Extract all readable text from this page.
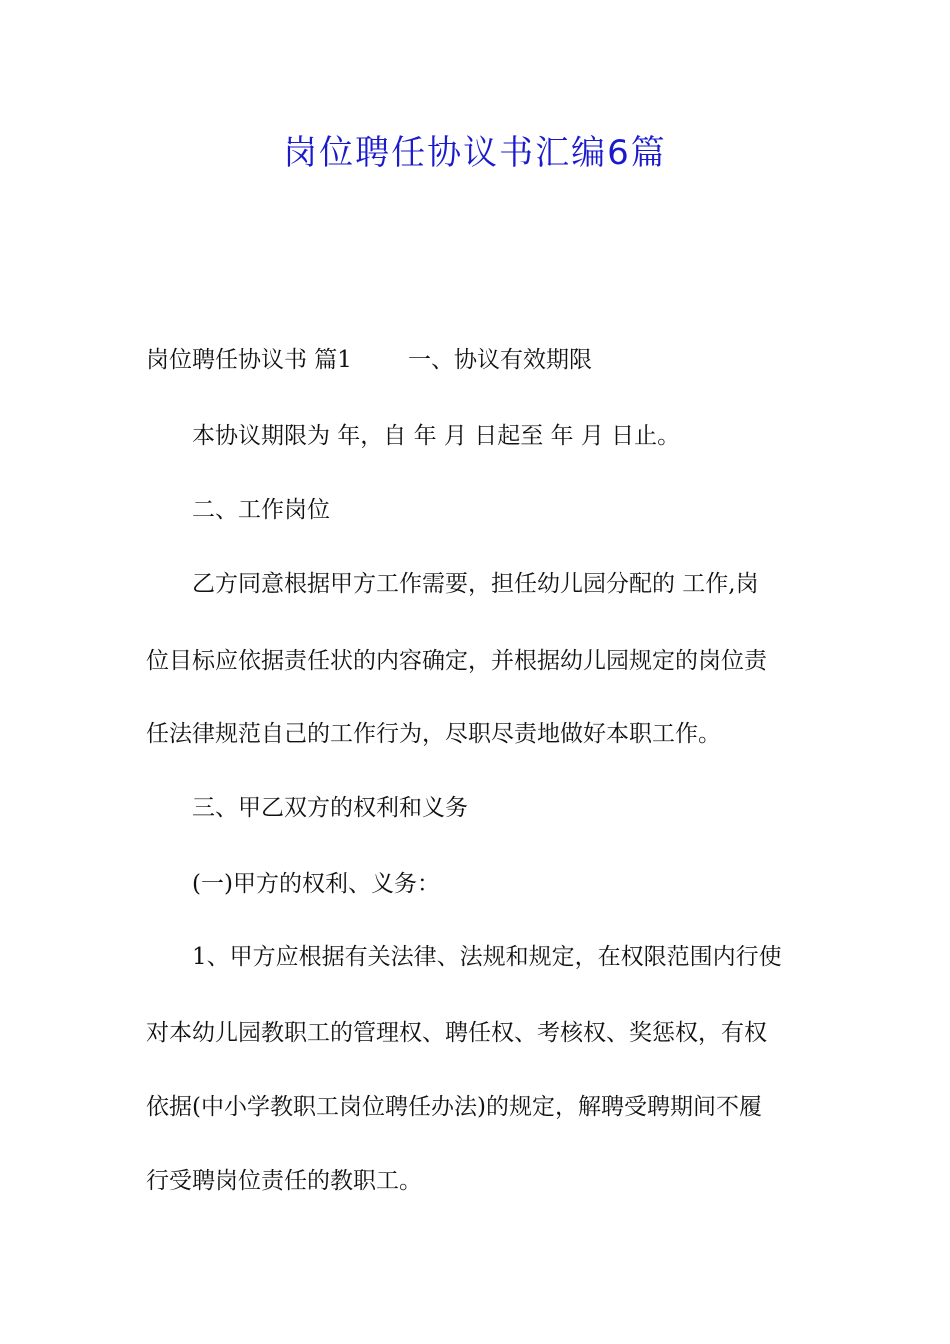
岗位聘任协议书汇编6篇
岗位聘任协议书 篇1 一、协议有效期限
本协议期限为 年，自 年 月 日起至 年 月 日止。
二、工作岗位
乙方同意根据甲方工作需要，担任幼儿园分配的 工作,岗
位目标应依据责任状的内容确定，并根据幼儿园规定的岗位责
任法律规范自己的工作行为，尽职尽责地做好本职工作。
三、甲乙双方的权利和义务
(一)甲方的权利、义务：
1、甲方应根据有关法律、法规和规定，在权限范围内行使
对本幼儿园教职工的管理权、聘任权、考核权、奖惩权，有权
依据(中小学教职工岗位聘任办法)的规定，解聘受聘期间不履
行受聘岗位责任的教职工。
